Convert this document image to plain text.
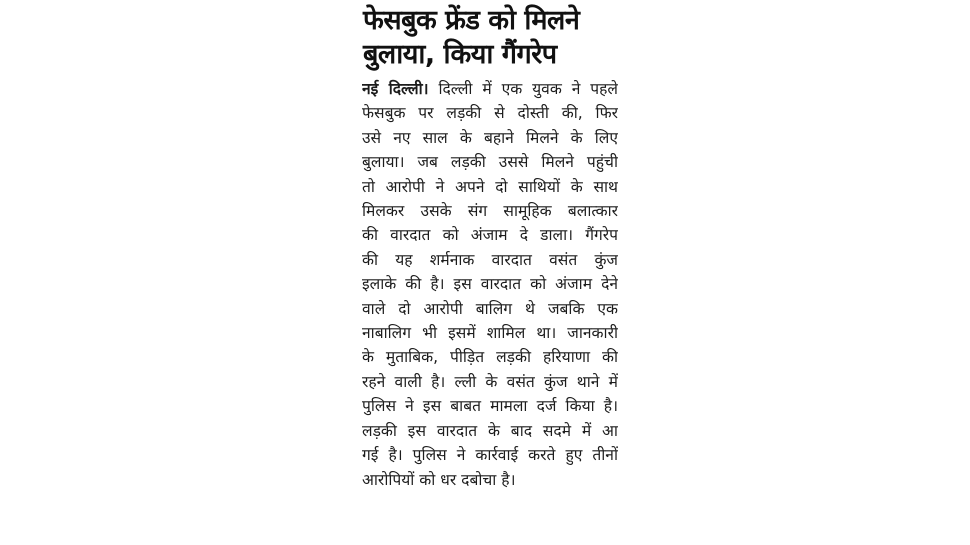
फेसबुक फ्रेंड को मिलने
बुलाया, किया गैंगरेप
नई दिल्ली। दिल्ली में एक युवक ने पहले
फेसबुक पर लड़की से दोस्ती की, फिर
उसे नए साल के बहाने मिलने के लिए
बुलाया। जब लड़की उससे मिलने पहुंची
तो आरोपी ने अपने दो साथियों के साथ
मिलकर उसके संग सामूहिक बलात्कार
की वारदात को अंजाम दे डाला। गैंगरेप
की यह शर्मनाक वारदात वसंत कुंज
इलाके की है। इस वारदात को अंजाम देने
वाले दो आरोपी बालिग थे जबकि एक
नाबालिग भी इसमें शामिल था। जानकारी
के मुताबिक, पीड़ित लड़की हरियाणा की
रहने वाली है। ल्ली के वसंत कुंज थाने में
पुलिस ने इस बाबत मामला दर्ज किया है।
लड़की इस वारदात के बाद सदमे में आ
गई है। पुलिस ने कार्रवाई करते हुए तीनों
आरोपियों को धर दबोचा है।
